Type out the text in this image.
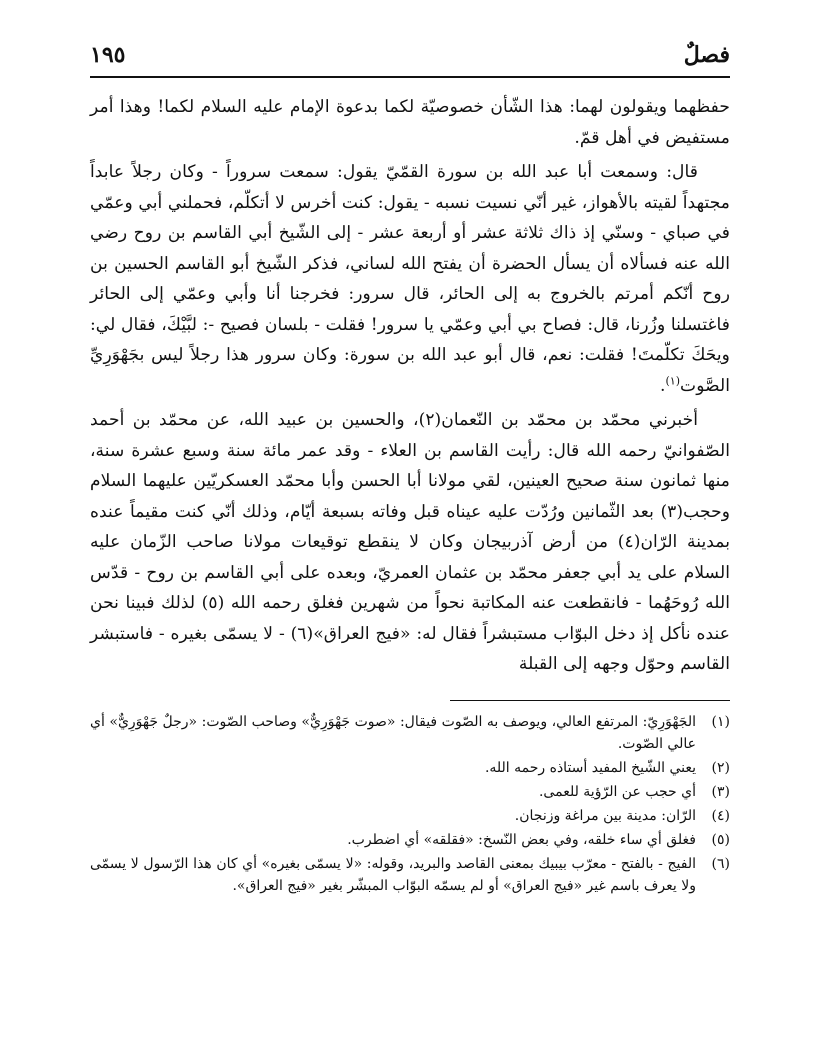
فصلٌ
١٩٥

حفظهما ويقولون لهما: هذا الشّأن خصوصيّة لكما بدعوة الإمام عليه السلام لكما! وهذا أمر مستفيض في أهل قمّ.

قال: وسمعت أبا عبد الله بن سورة القمّيّ يقول: سمعت سروراً - وكان رجلاً عابداً مجتهداً لقيته بالأهواز، غير أنّي نسيت نسبه - يقول: كنت أخرس لا أتكلّم، فحملني أبي وعمّي في صباي - وسنّي إذ ذاك ثلاثة عشر أو أربعة عشر - إلى الشّيخ أبي القاسم بن روح رضي الله عنه فسألاه أن يسأل الحضرة أن يفتح الله لساني، فذكر الشّيخ أبو القاسم الحسين بن روح أنّكم أمرتم بالخروج به إلى الحائر، قال سرور: فخرجنا أنا وأبي وعمّي إلى الحائر فاغتسلنا وزُرنا، قال: فصاح بي أبي وعمّي يا سرور! فقلت - بلسان فصيح -: لبَّيْكَ، فقال لي: ويحَكَ تكلّمتَ! فقلت: نعم، قال أبو عبد الله بن سورة: وكان سرور هذا رجلاً ليس بجَهْوَرِيِّ الصَّوت$^{(١)}$.

أخبرني محمّد بن محمّد بن النّعمان(٢)، والحسين بن عبيد الله، عن محمّد بن أحمد الصّفوانيّ رحمه الله قال: رأيت القاسم بن العلاء - وقد عمر مائة سنة وسبع عشرة سنة، منها ثمانون سنة صحيح العينين، لقي مولانا أبا الحسن وأبا محمّد العسكريّين عليهما السلام وحجب(٣) بعد الثّمانين ورُدّت عليه عيناه قبل وفاته بسبعة أيّام، وذلك أنّي كنت مقيماً عنده بمدينة الرّان(٤) من أرض آذربيجان وكان لا ينقطع توقيعات مولانا صاحب الزّمان عليه السلام على يد أبي جعفر محمّد بن عثمان العمريّ، وبعده على أبي القاسم بن روح - قدّس الله رُوحَهُما - فانقطعت عنه المكاتبة نحواً من شهرين فغلق رحمه الله (٥) لذلك فبينا نحن عنده نأكل إذ دخل البوّاب مستبشراً فقال له: «فيج العراق»(٦) - لا يسمّى بغيره - فاستبشر القاسم وحوّل وجهه إلى القبلة

(١)
الجَهْوَرِيّ: المرتفع العالي، ويوصف به الصّوت فيقال: «صوت جَهْوَرِيٌّ» وصاحب الصّوت: «رجلٌ جَهْوَرِيٌّ» أي عالي الصّوت.
(٢)
يعني الشّيخ المفيد أستاذه رحمه الله.
(٣)
أي حجب عن الرّؤية للعمى.
(٤)
الرّان: مدينة بين مراغة وزنجان.
(٥)
فغلق أي ساء خلقه، وفي بعض النّسخ: «فقلقه» أي اضطرب.
(٦)
الفيج - بالفتح - معرّب بيبيك بمعنى القاصد والبريد، وقوله: «لا يسمّى بغيره» أي كان هذا الرّسول لا يسمّى ولا يعرف باسم غير «فيج العراق» أو لم يسمّه البوّاب المبشّر بغير «فيج العراق».
